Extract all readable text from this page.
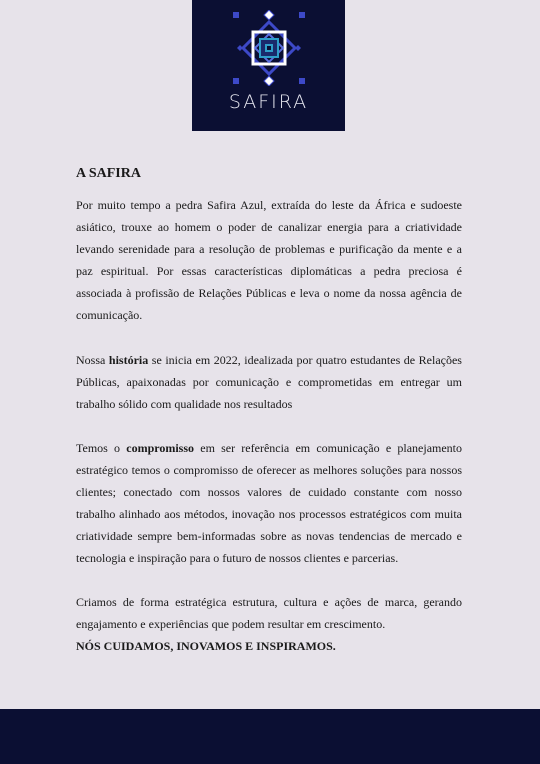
SAFIRA
A SAFIRA

Por muito tempo a pedra Safira Azul, extraída do leste da África e sudoeste asiático, trouxe ao homem o poder de canalizar energia para a criatividade levando serenidade para a resolução de problemas e purificação da mente e a paz espiritual. Por essas características diplomáticas a pedra preciosa é associada à profissão de Relações Públicas e leva o nome da nossa agência de comunicação.

Nossa história se inicia em 2022, idealizada por quatro estudantes de Relações Públicas, apaixonadas por comunicação e comprometidas em entregar um trabalho sólido com qualidade nos resultados

Temos o compromisso em ser referência em comunicação e planejamento estratégico temos o compromisso de oferecer as melhores soluções para nossos clientes; conectado com nossos valores de cuidado constante com nosso trabalho alinhado aos métodos, inovação nos processos estratégicos com muita criatividade sempre bem-informadas sobre as novas tendencias de mercado e tecnologia e inspiração para o futuro de nossos clientes e parcerias.

Criamos de forma estratégica estrutura, cultura e ações de marca, gerando engajamento e experiências que podem resultar em crescimento.

NÓS CUIDAMOS, INOVAMOS E INSPIRAMOS.
